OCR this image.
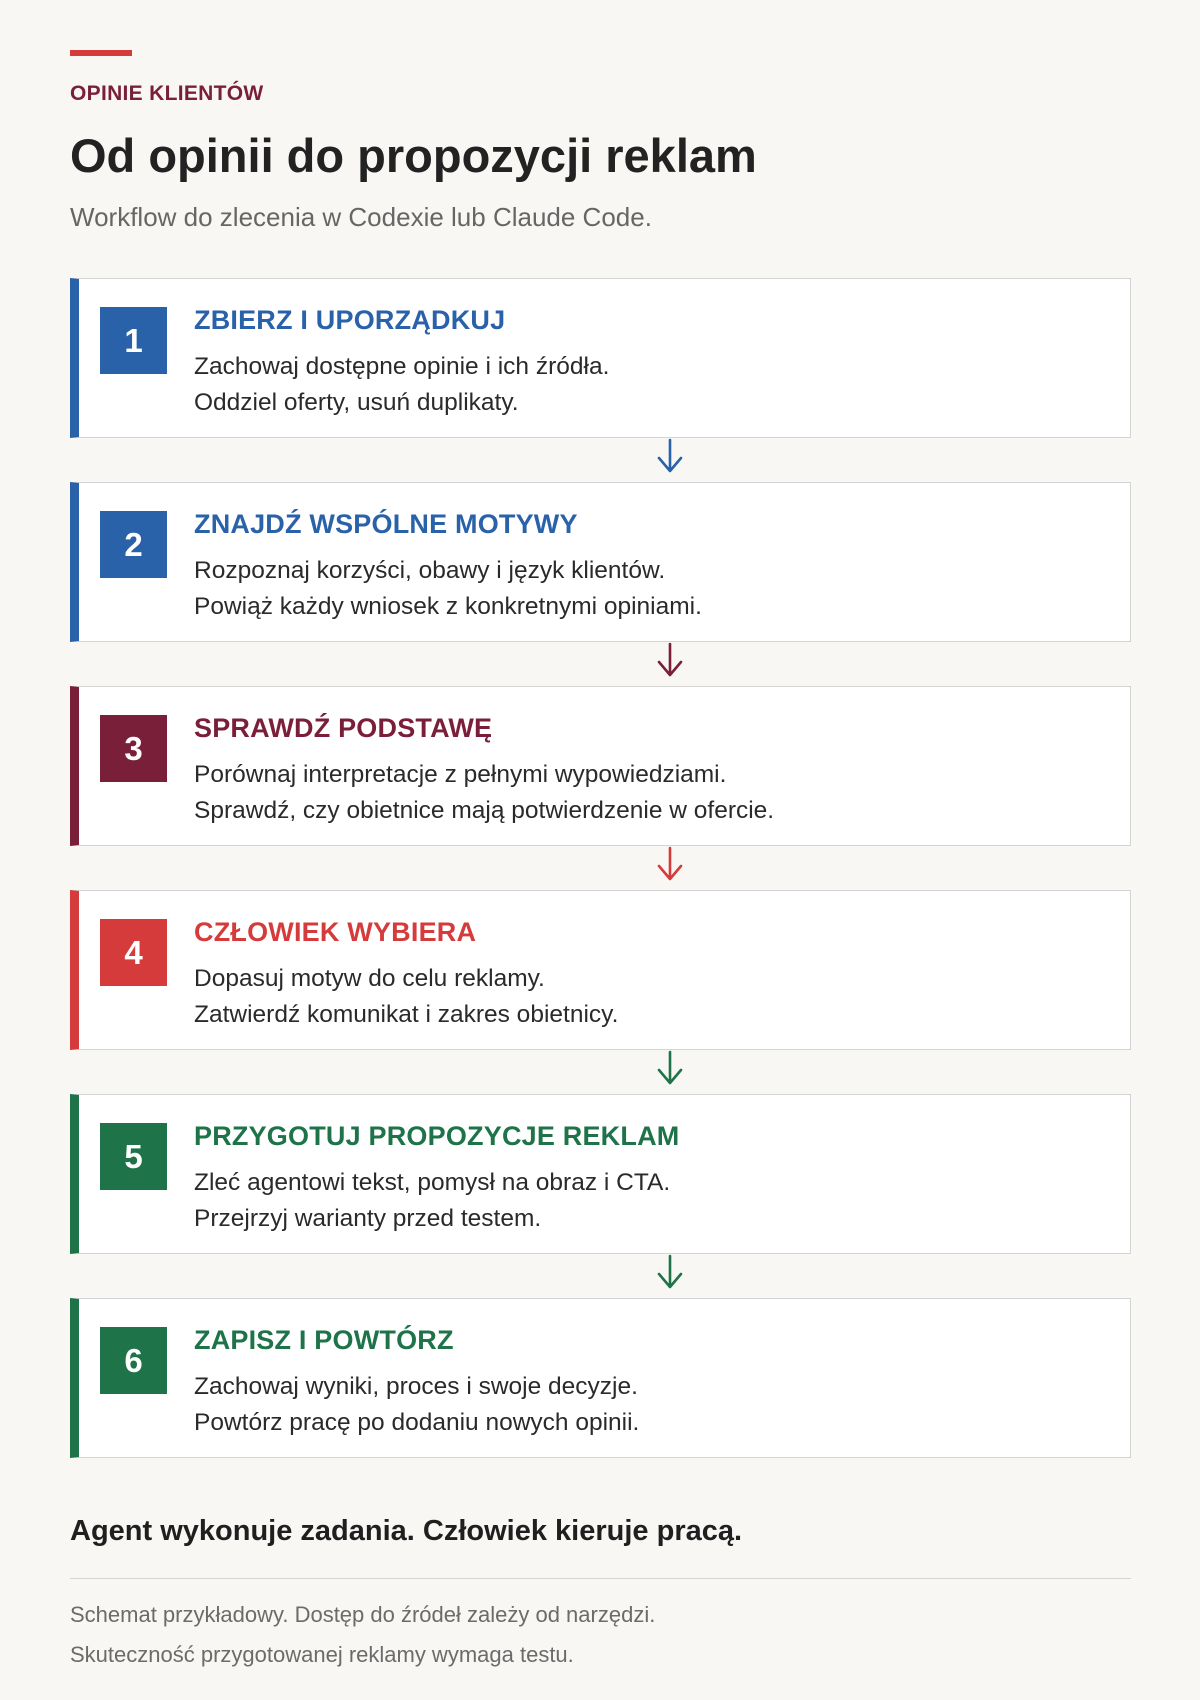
OPINIE KLIENTÓW
Od opinii do propozycji reklam
Workflow do zlecenia w Codexie lub Claude Code.
1
ZBIERZ I UPORZĄDKUJ
Zachowaj dostępne opinie i ich źródła.
Oddziel oferty, usuń duplikaty.
2
ZNAJDŹ WSPÓLNE MOTYWY
Rozpoznaj korzyści, obawy i język klientów.
Powiąż każdy wniosek z konkretnymi opiniami.
3
SPRAWDŹ PODSTAWĘ
Porównaj interpretacje z pełnymi wypowiedziami.
Sprawdź, czy obietnice mają potwierdzenie w ofercie.
4
CZŁOWIEK WYBIERA
Dopasuj motyw do celu reklamy.
Zatwierdź komunikat i zakres obietnicy.
5
PRZYGOTUJ PROPOZYCJE REKLAM
Zleć agentowi tekst, pomysł na obraz i CTA.
Przejrzyj warianty przed testem.
6
ZAPISZ I POWTÓRZ
Zachowaj wyniki, proces i swoje decyzje.
Powtórz pracę po dodaniu nowych opinii.
Agent wykonuje zadania. Człowiek kieruje pracą.
Schemat przykładowy. Dostęp do źródeł zależy od narzędzi.
Skuteczność przygotowanej reklamy wymaga testu.
